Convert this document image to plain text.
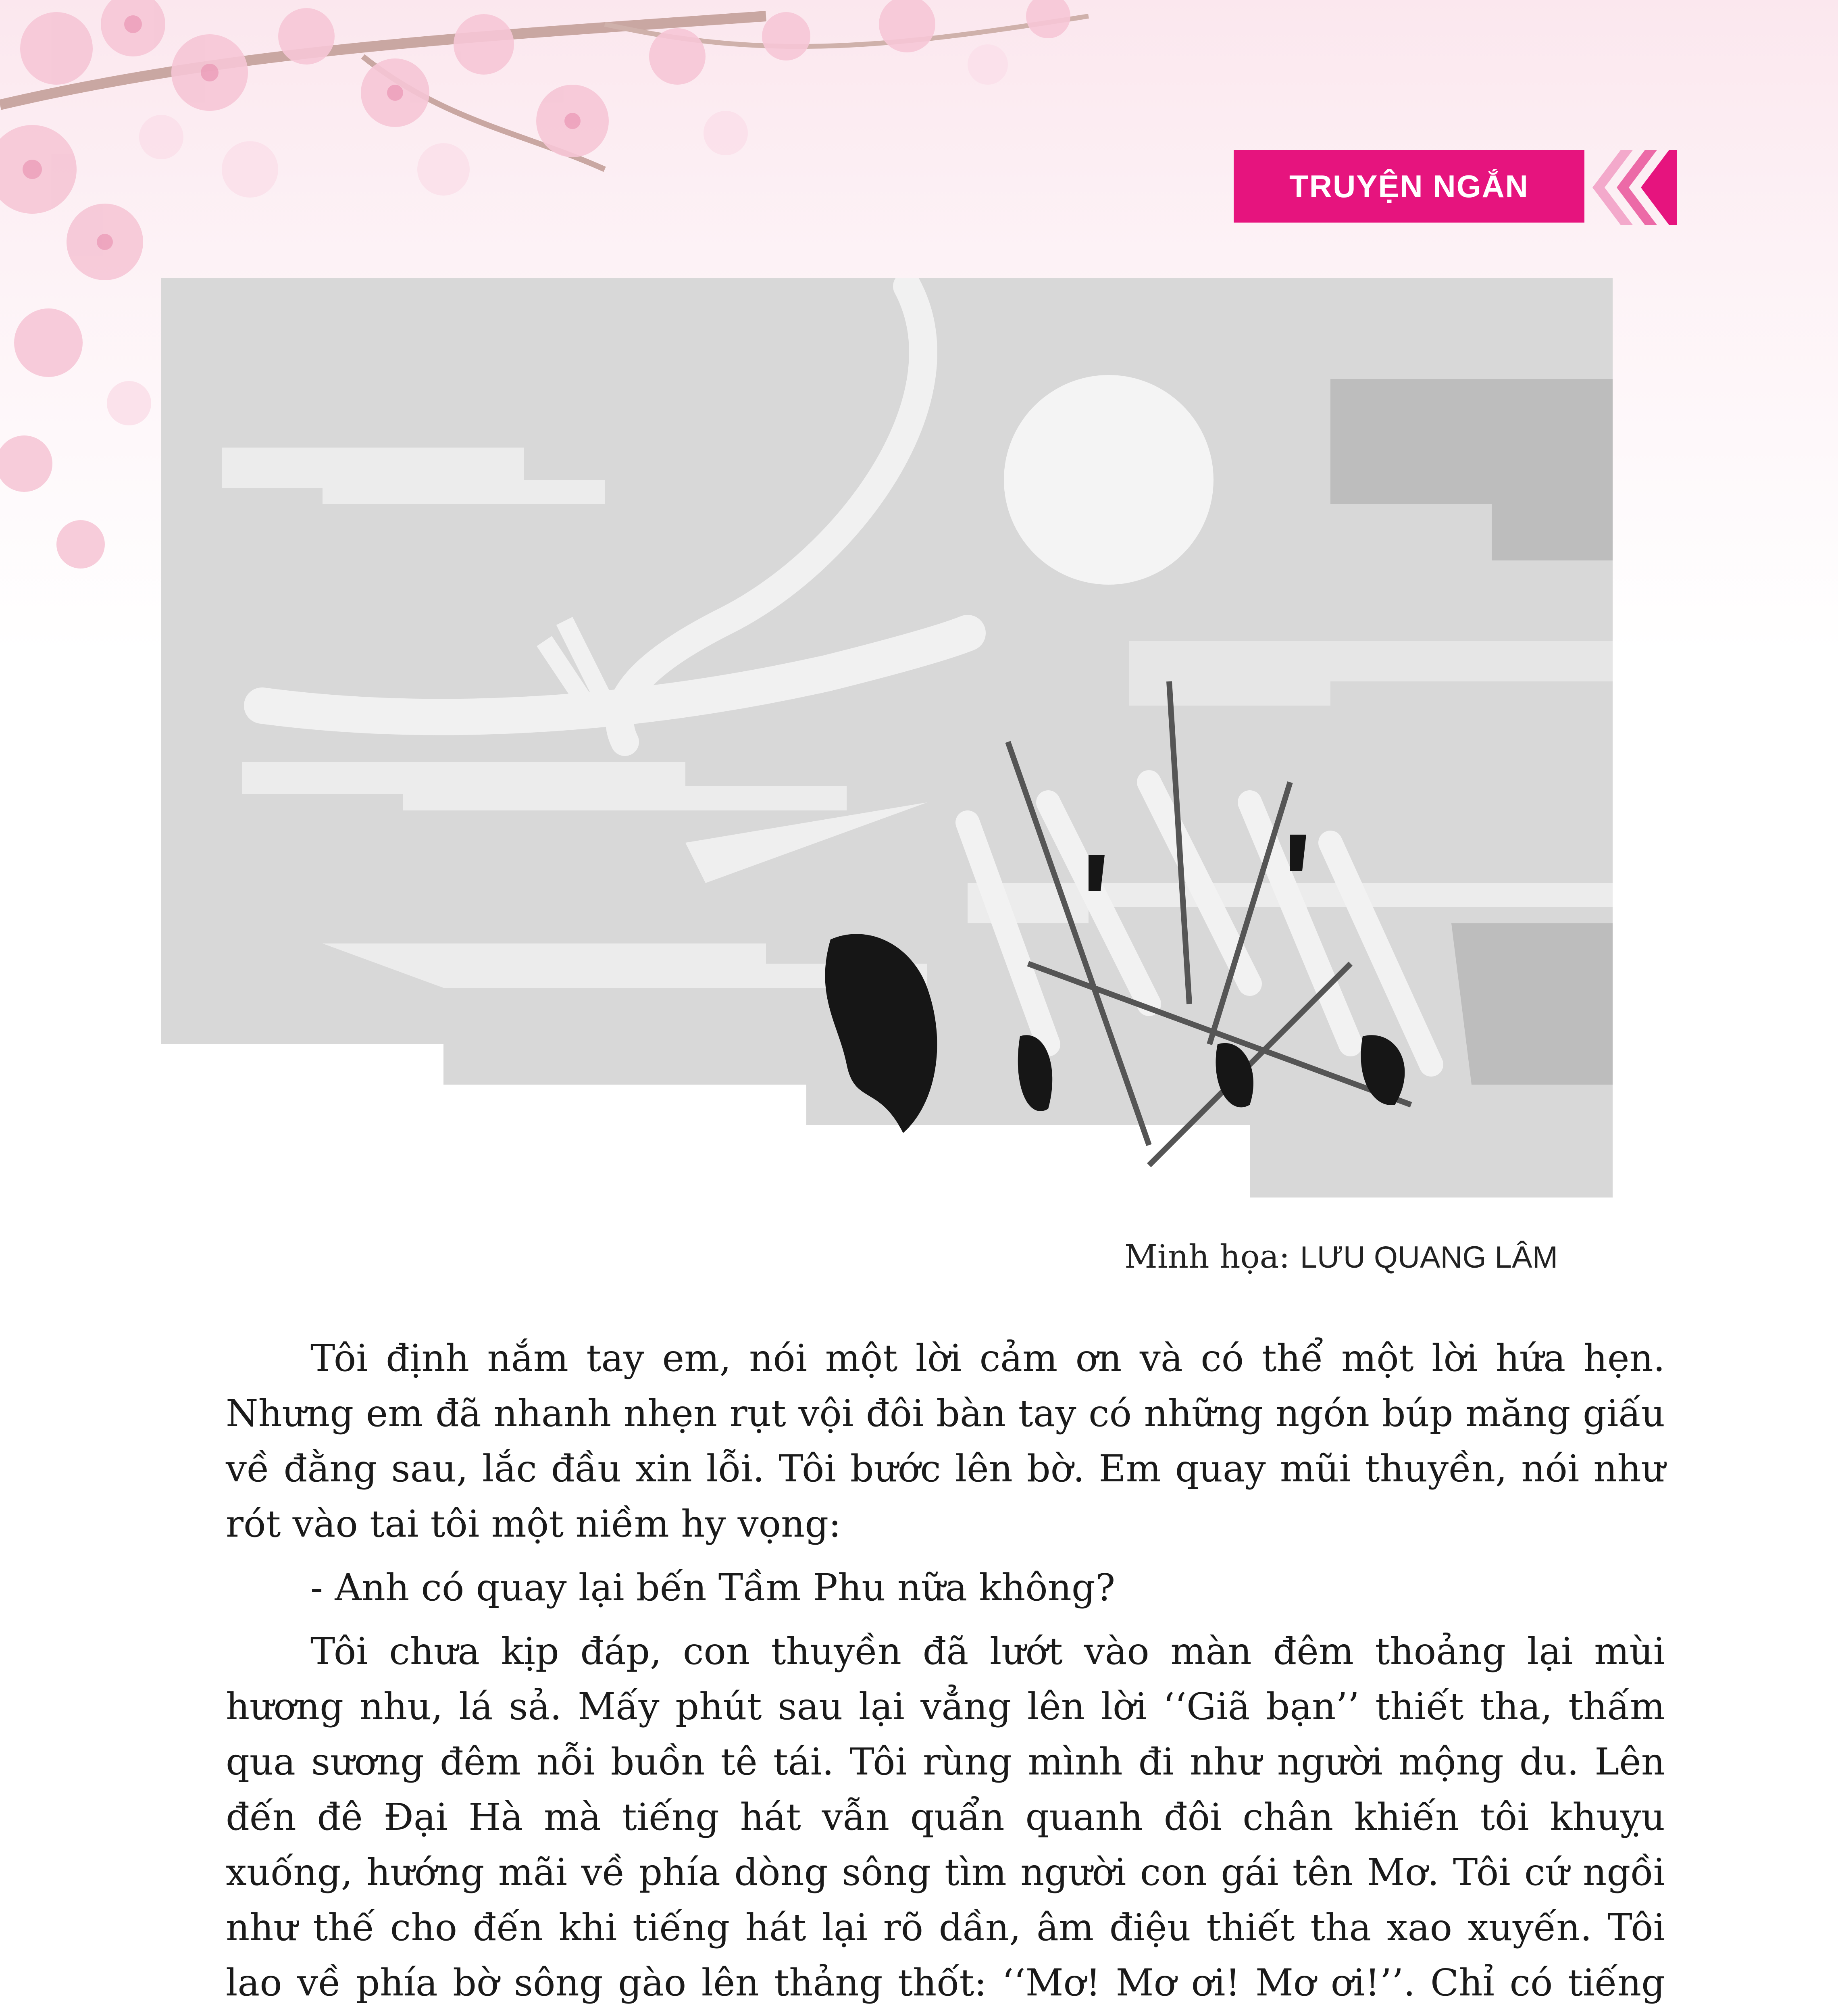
TRUYỆN NGẮN
Minh họa: LƯU QUANG LÂM

Tôi định nắm tay em, nói một lời cảm ơn và có thể một lời hứa hẹn. Nhưng em đã nhanh nhẹn rụt vội đôi bàn tay có những ngón búp măng giấu về đằng sau, lắc đầu xin lỗi. Tôi bước lên bờ. Em quay mũi thuyền, nói như rót vào tai tôi một niềm hy vọng:

- Anh có quay lại bến Tầm Phu nữa không?

Tôi chưa kịp đáp, con thuyền đã lướt vào màn đêm thoảng lại mùi hương nhu, lá sả. Mấy phút sau lại vẳng lên lời ‘‘Giã bạn’’ thiết tha, thấm qua sương đêm nỗi buồn tê tái. Tôi rùng mình đi như người mộng du. Lên đến đê Đại Hà mà tiếng hát vẫn quẩn quanh đôi chân khiến tôi khuỵu xuống, hướng mãi về phía dòng sông tìm người con gái tên Mơ. Tôi cứ ngồi như thế cho đến khi tiếng hát lại rõ dần, âm điệu thiết tha xao xuyến. Tôi lao về phía bờ sông gào lên thảng thốt: ‘‘Mơ! Mơ ơi! Mơ ơi!’’. Chỉ có tiếng
